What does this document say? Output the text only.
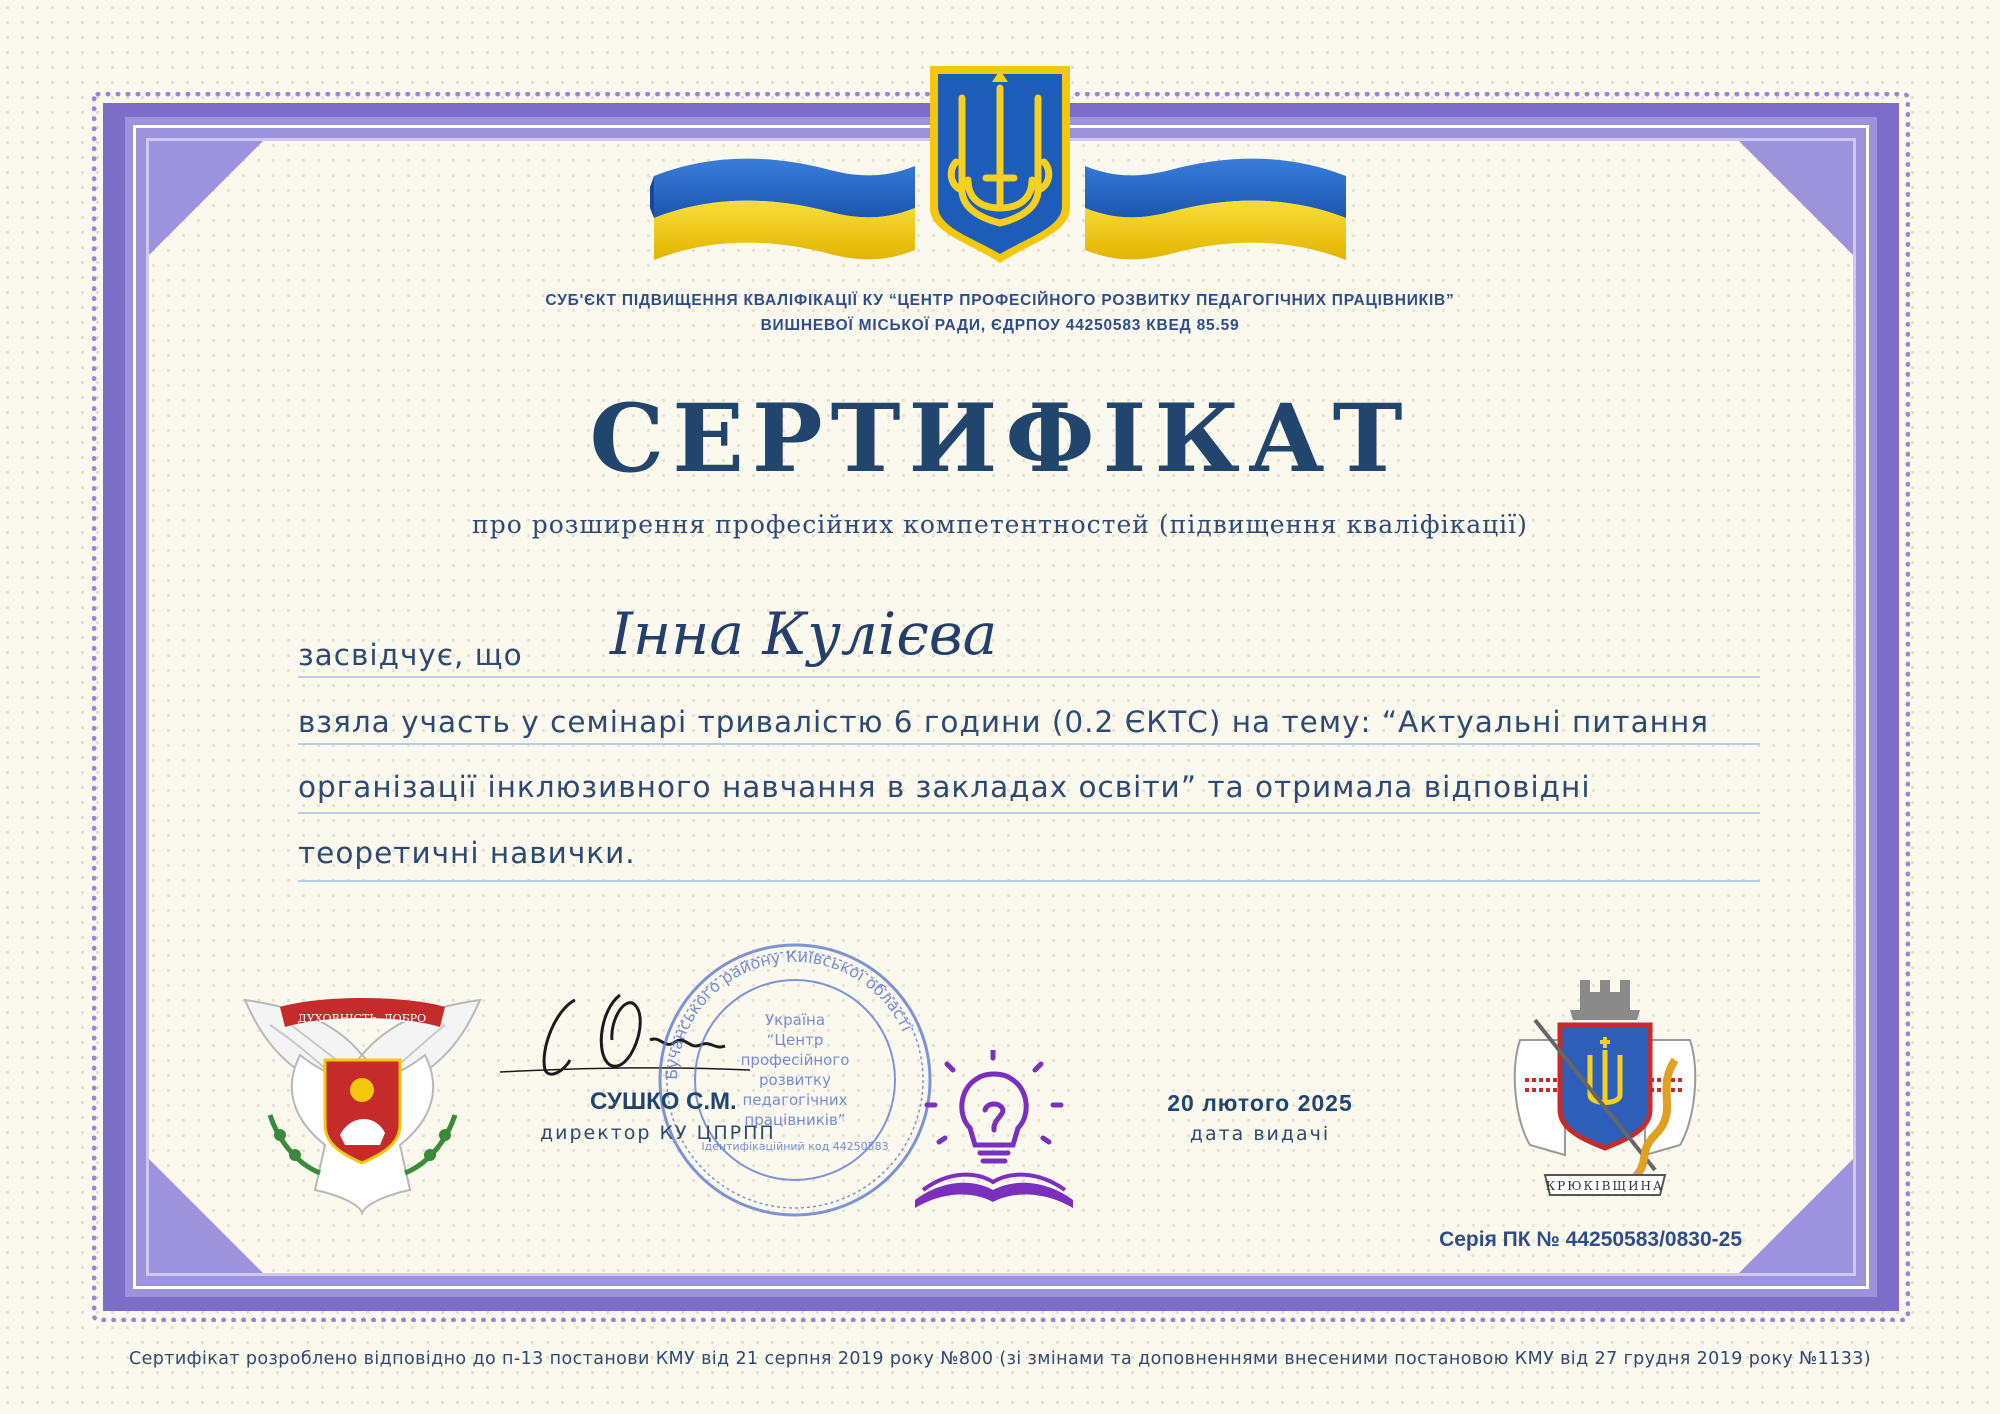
СУБ'ЄКТ ПІДВИЩЕННЯ КВАЛІФІКАЦІЇ КУ “ЦЕНТР ПРОФЕСІЙНОГО РОЗВИТКУ ПЕДАГОГІЧНИХ ПРАЦІВНИКІВ”
ВИШНЕВОЇ МІСЬКОЇ РАДИ, ЄДРПОУ 44250583 КВЕД 85.59
СЕРТИФІКАТ
про розширення професійних компетентностей (підвищення кваліфікації)
засвідчує, що Інна Кулієва
взяла участь у семінарі тривалістю 6 години (0.2 ЄКТС) на тему: “Актуальні питання
організації інклюзивного навчання в закладах освіти” та отримала відповідні
теоретичні навички.
ДУХОВНІСТЬ, ДОБРО
Бучанського району Київської області
Україна
“Центр
професійного
розвитку
педагогічних
працівників”
Ідентифікаційний код 44250583
СУШКО С.М.
директор КУ ЦПРПП
20 лютого 2025
дата видачі
КРЮКІВЩИНА
Серія ПК № 44250583/0830-25
Сертифікат розроблено відповідно до п-13 постанови КМУ від 21 серпня 2019 року №800 (зі змінами та доповненнями внесеними постановою КМУ від 27 грудня 2019 року №1133)
